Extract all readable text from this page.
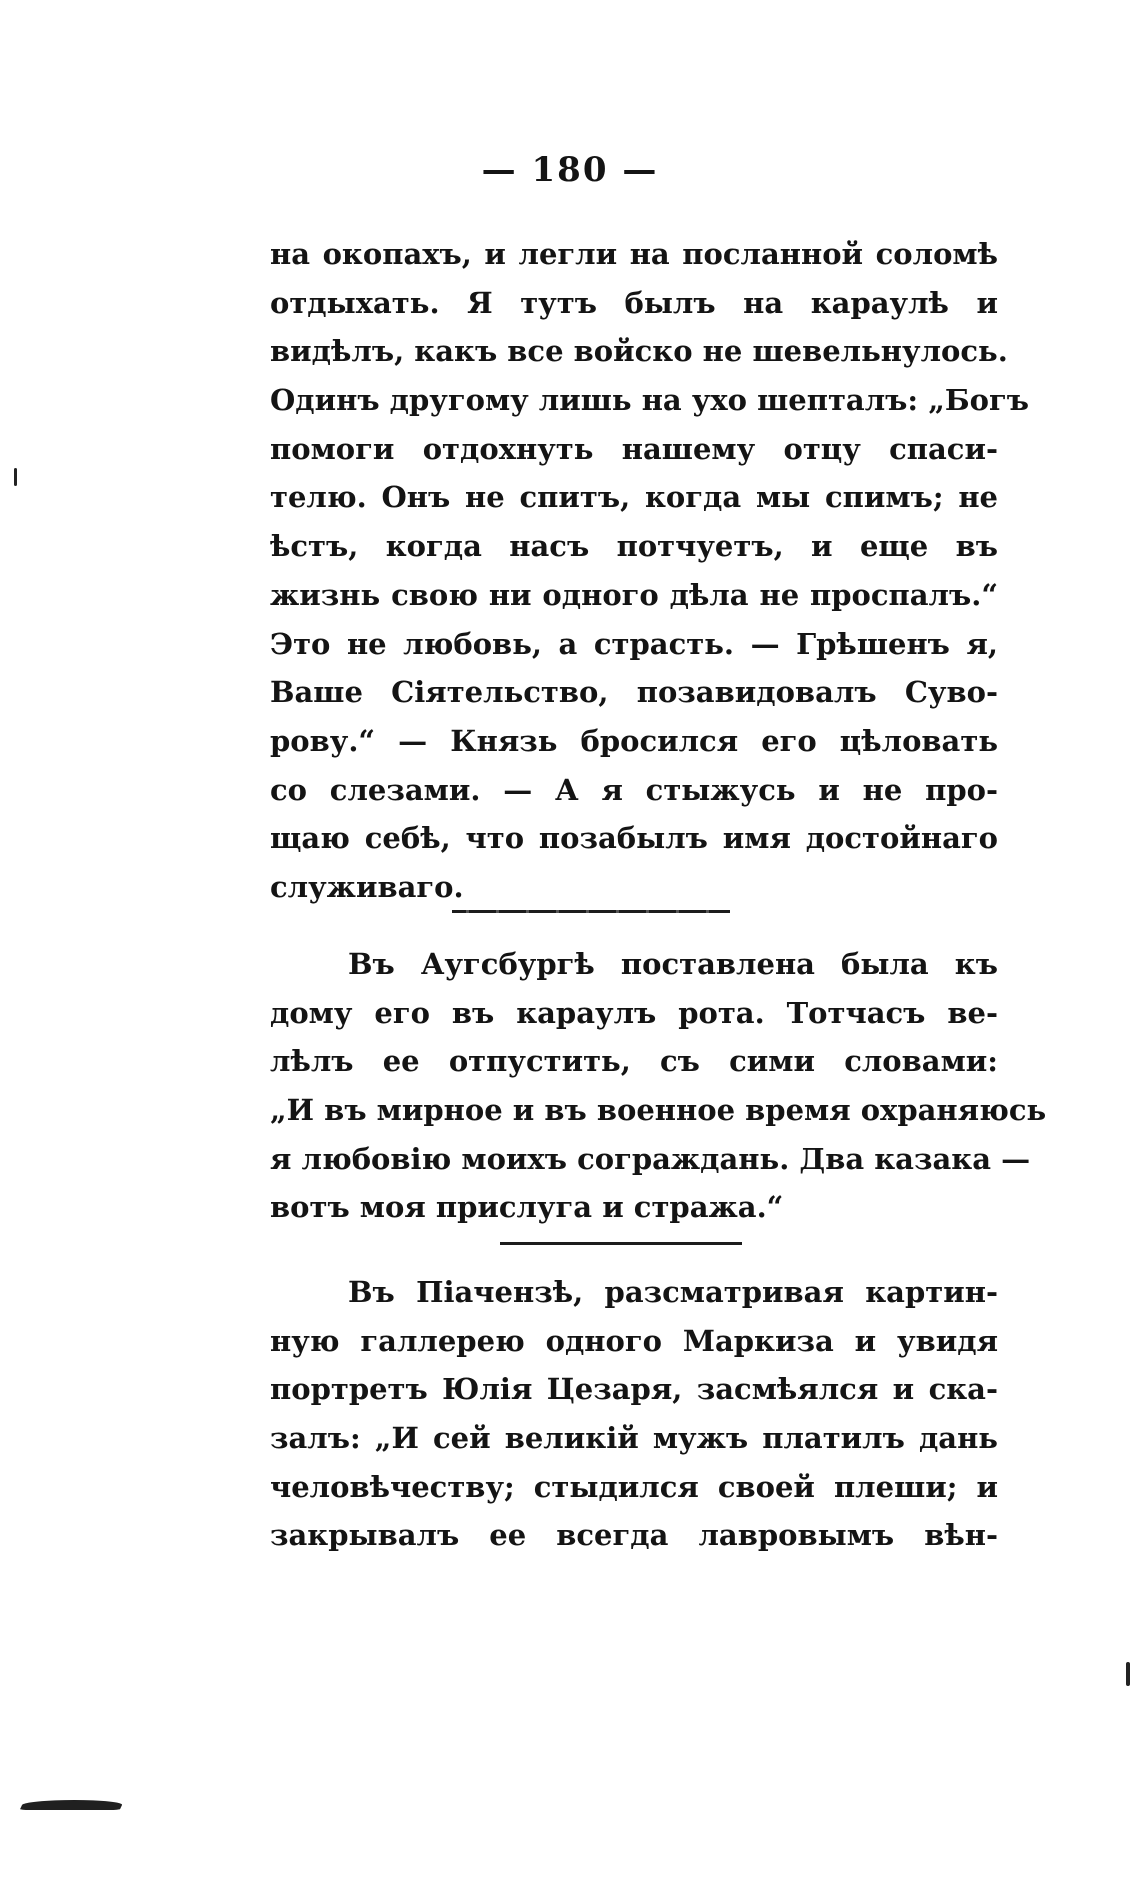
— 180 —
на окопахъ, и легли на посланной соломѣ
отдыхать. Я тутъ былъ на караулѣ и
видѣлъ, какъ все войско не шевельнулось.
Одинъ другому лишь на ухо шепталъ: „Богъ
помоги отдохнуть нашему отцу спаси-
телю. Онъ не спитъ, когда мы спимъ; не
ѣстъ, когда насъ потчуетъ, и еще въ
жизнь свою ни одного дѣла не проспалъ.“
Это не любовь, а страсть. — Грѣшенъ я,
Ваше Сіятельство, позавидовалъ Суво-
рову.“ — Князь бросился его цѣловать
со слезами. — А я стыжусь и не про-
щаю себѣ, что позабылъ имя достойнаго
служиваго.
Въ Аугсбургѣ поставлена была къ
дому его въ караулъ рота. Тотчасъ ве-
лѣлъ ее отпустить, съ сими словами:
„И въ мирное и въ военное время охраняюсь
я любовію моихъ сограждань. Два казака —
вотъ моя прислуга и стража.“
Въ Піачензѣ, разсматривая картин-
ную галлерею одного Маркиза и увидя
портретъ Юлія Цезаря, засмѣялся и ска-
залъ: „И сей великій мужъ платилъ дань
человѣчеству; стыдился своей плеши; и
закрывалъ ее всегда лавровымъ вѣн-
